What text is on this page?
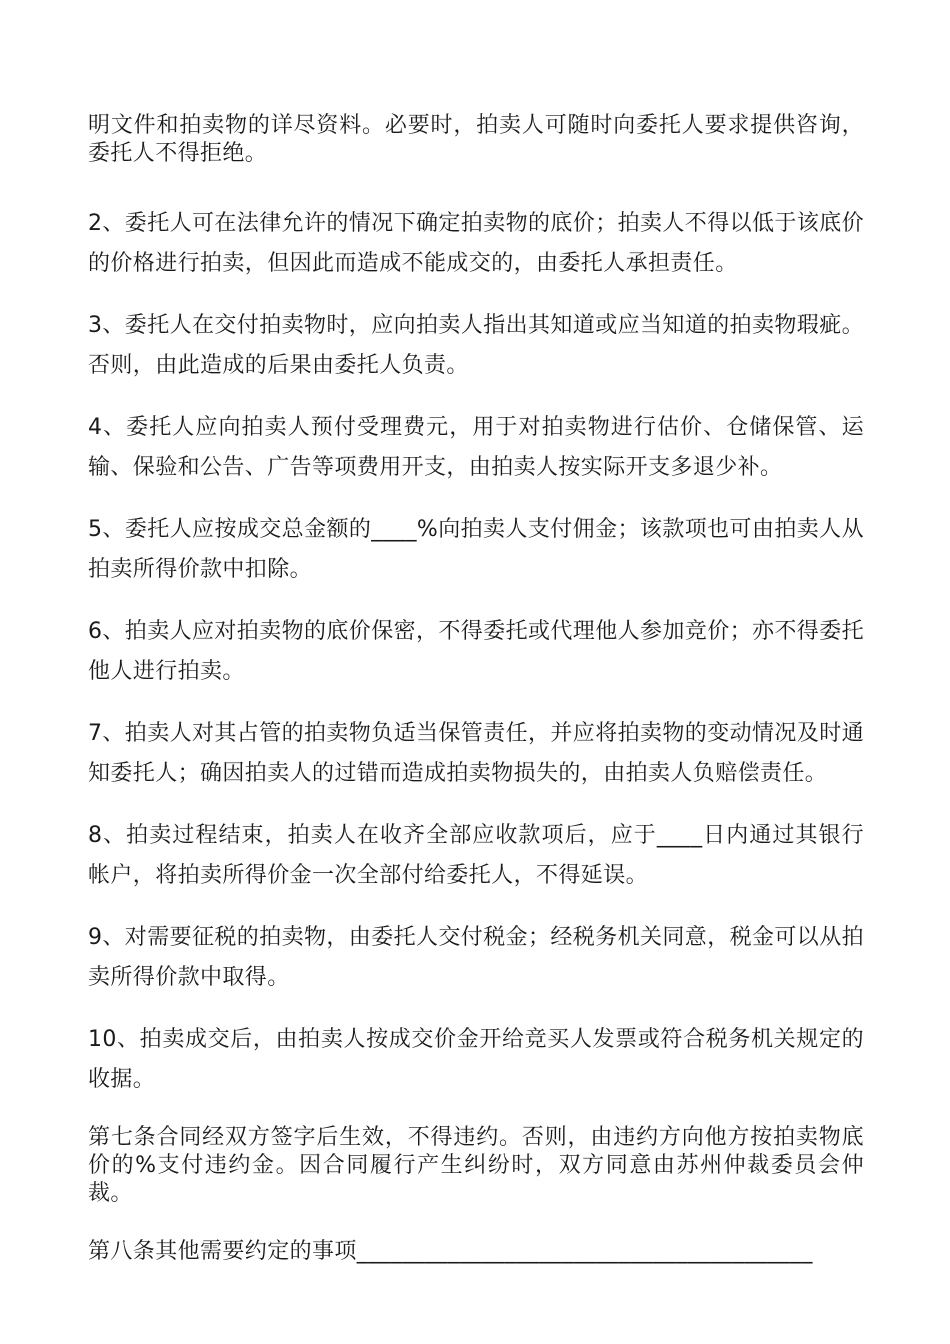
明文件和拍卖物的详尽资料。必要时，拍卖人可随时向委托人要求提供咨询，委托人不得拒绝。

2、委托人可在法律允许的情况下确定拍卖物的底价；拍卖人不得以低于该底价的价格进行拍卖，但因此而造成不能成交的，由委托人承担责任。

3、委托人在交付拍卖物时，应向拍卖人指出其知道或应当知道的拍卖物瑕疵。否则，由此造成的后果由委托人负责。

4、委托人应向拍卖人预付受理费元，用于对拍卖物进行估价、仓储保管、运输、保验和公告、广告等项费用开支，由拍卖人按实际开支多退少补。

5、委托人应按成交总金额的____%向拍卖人支付佣金；该款项也可由拍卖人从拍卖所得价款中扣除。

6、拍卖人应对拍卖物的底价保密，不得委托或代理他人参加竞价；亦不得委托他人进行拍卖。

7、拍卖人对其占管的拍卖物负适当保管责任，并应将拍卖物的变动情况及时通知委托人；确因拍卖人的过错而造成拍卖物损失的，由拍卖人负赔偿责任。

8、拍卖过程结束，拍卖人在收齐全部应收款项后，应于____日内通过其银行帐户，将拍卖所得价金一次全部付给委托人，不得延误。

9、对需要征税的拍卖物，由委托人交付税金；经税务机关同意，税金可以从拍卖所得价款中取得。

10、拍卖成交后，由拍卖人按成交价金开给竞买人发票或符合税务机关规定的收据。

第七条合同经双方签字后生效，不得违约。否则，由违约方向他方按拍卖物底价的%支付违约金。因合同履行产生纠纷时，双方同意由苏州仲裁委员会仲裁。

第八条其他需要约定的事项________________________________________
